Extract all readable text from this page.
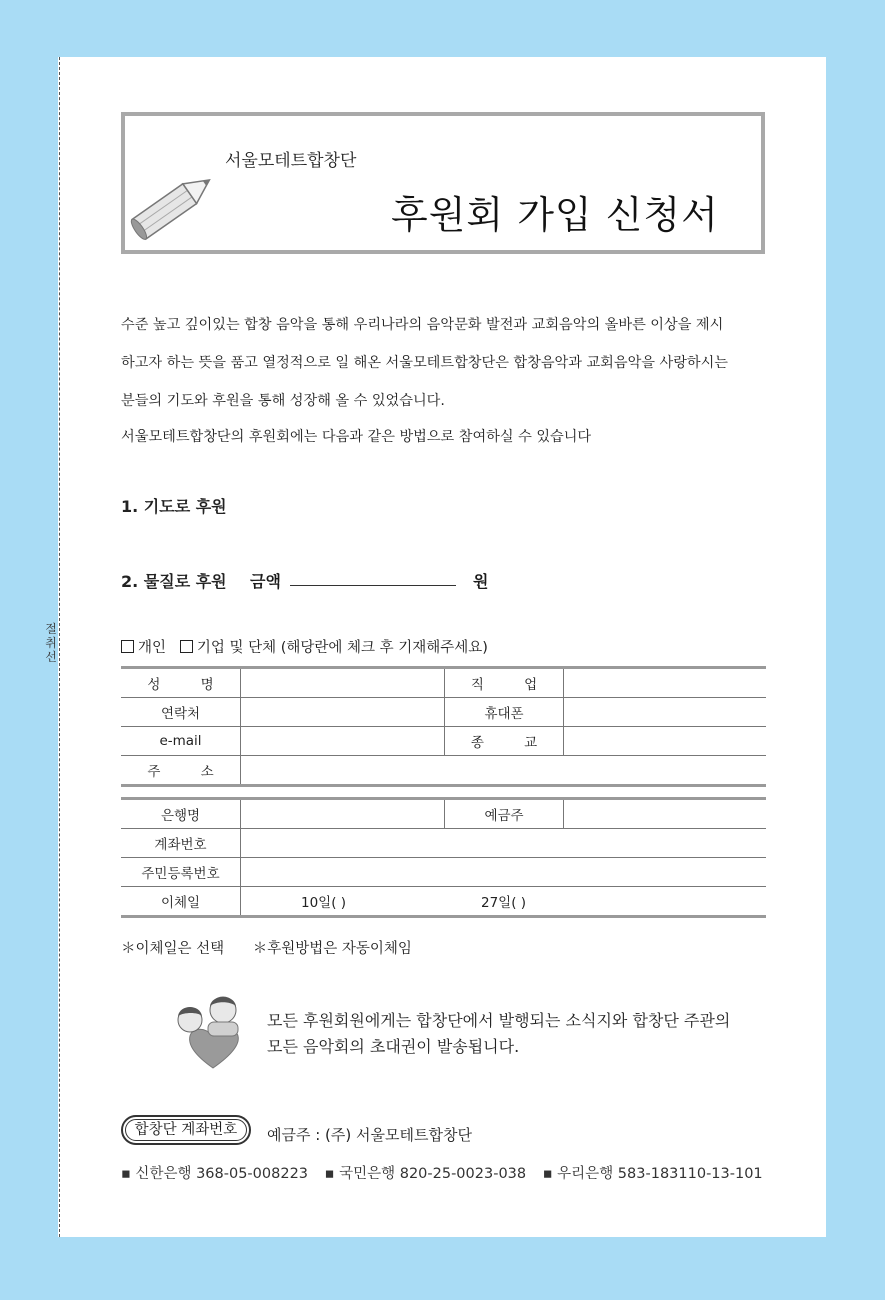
절취선
서울모테트합창단
후원회 가입 신청서
수준 높고 깊이있는 합창 음악을 통해 우리나라의 음악문화 발전과 교회음악의 올바른 이상을 제시
하고자 하는 뜻을 품고 열정적으로 일 해온 서울모테트합창단은 합창음악과 교회음악을 사랑하시는
분들의 기도와 후원을 통해 성장해 올 수 있었습니다.
서울모테트합창단의 후원회에는 다음과 같은 방법으로 참여하실 수 있습니다
1. 기도로 후원
2. 물질로 후원 금액	원
개인 기업 및 단체 (해당란에 체크 후 기재해주세요)
성 명		직 업	
연락처		휴대폰	
e-mail		종 교	
주 소			
은행명		예금주	
계좌번호			
주민등록번호			
이체일	10일( ) 27일( )		
＊이체일은 선택 ＊후원방법은 자동이체임
모든 후원회원에게는 합창단에서 발행되는 소식지와 합창단 주관의
모든 음악회의 초대권이 발송됩니다.
합창단 계좌번호	예금주 : (주) 서울모테트합창단
▪ 신한은행 368-05-008223 ▪ 국민은행 820-25-0023-038 ▪ 우리은행 583-183110-13-101
